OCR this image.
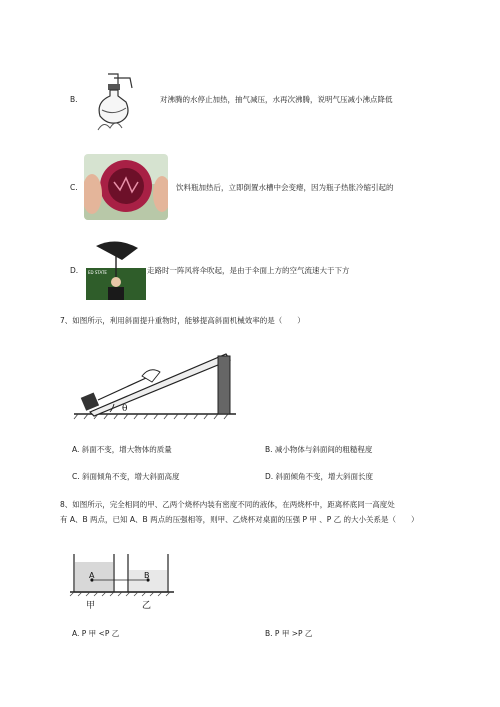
B.	对沸腾的水停止加热，抽气减压，水再次沸腾，说明气压减小沸点降低
C.	饮料瓶加热后，立即倒置水槽中会变瘪，因为瓶子热胀冷缩引起的
D. ED STATE	走路时一阵风将伞吹起，是由于伞面上方的空气流速大于下方
7、如图所示，利用斜面提升重物时，能够提高斜面机械效率的是（　　）
θ
A. 斜面不变，增大物体的质量	B. 减小物体与斜面间的粗糙程度
C. 斜面倾角不变，增大斜面高度	D. 斜面倾角不变，增大斜面长度
8、如图所示，完全相同的甲、乙两个烧杯内装有密度不同的液体，在两烧杯中，距离杯底同一高度处
有 A、B 两点，已知 A、B 两点的压强相等，则甲、乙烧杯对桌面的压强 P 甲 、P 乙 的大小关系是（　　）
A	B
甲	乙
A. P 甲 <P 乙	B. P 甲 >P 乙
